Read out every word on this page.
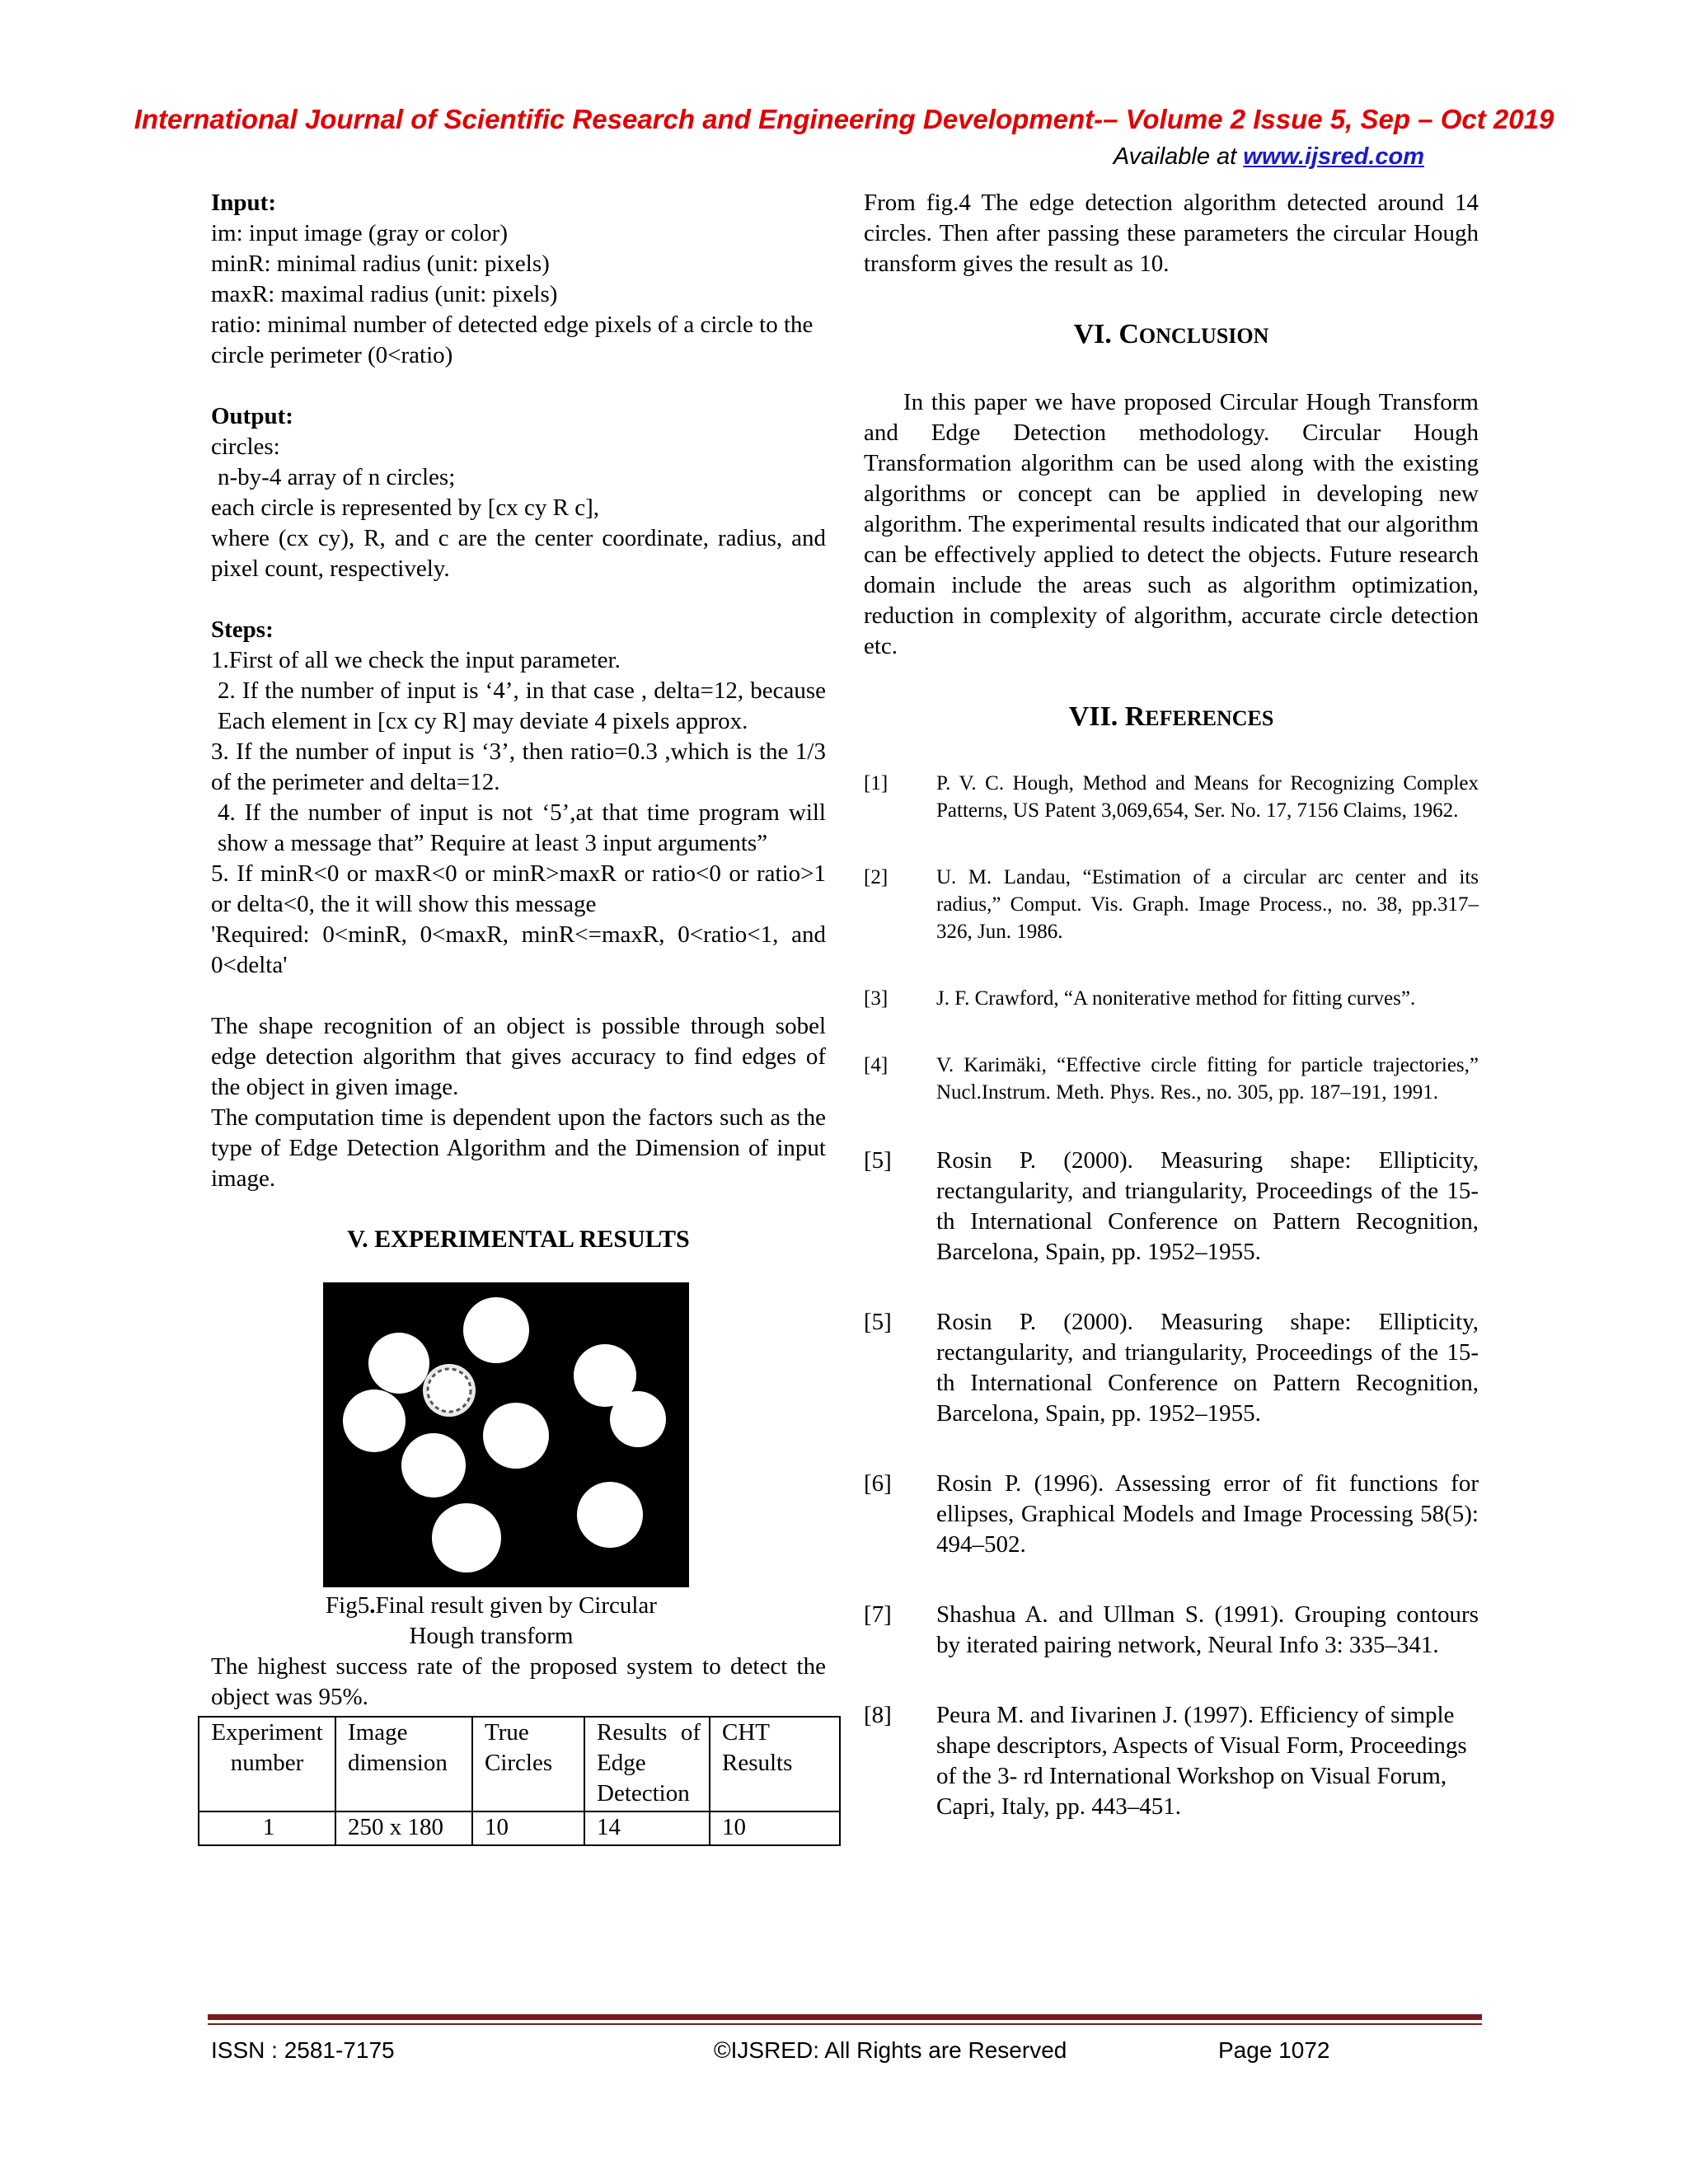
International Journal of Scientific Research and Engineering Development-– Volume 2 Issue 5, Sep – Oct 2019
Available at www.ijsred.com
Input:
im: input image (gray or color)
minR: minimal radius (unit: pixels)
maxR: maximal radius (unit: pixels)
ratio: minimal number of detected edge pixels of a circle to the circle perimeter (0<ratio)
Output:
circles:
n-by-4 array of n circles;
each circle is represented by [cx cy R c],
where (cx cy), R, and c are the center coordinate, radius, and pixel count, respectively.
Steps:
1.First of all we check the input parameter.
2. If the number of input is ‘4’, in that case , delta=12, because Each element in [cx cy R] may deviate 4 pixels approx.
3. If the number of input is ‘3’, then ratio=0.3 ,which is the 1/3 of the perimeter and delta=12.
4. If the number of input is not ‘5’,at that time program will show a message that” Require at least 3 input arguments”
5. If minR<0 or maxR<0 or minR>maxR or ratio<0 or ratio>1 or delta<0, the it will show this message
'Required: 0<minR, 0<maxR, minR<=maxR, 0<ratio<1, and 0<delta'
The shape recognition of an object is possible through sobel edge detection algorithm that gives accuracy to find edges of the object in given image.
The computation time is dependent upon the factors such as the type of Edge Detection Algorithm and the Dimension of input image.
V. EXPERIMENTAL RESULTS
Fig5.Final result given by Circular
Hough transform
The highest success rate of the proposed system to detect the object was 95%.
Experiment number	Image dimension	True Circles	Results of Edge Detection	CHT Results
1	250 x 180	10	14	10
From fig.4 The edge detection algorithm detected around 14 circles. Then after passing these parameters the circular Hough transform gives the result as 10.
VI. CONCLUSION
In this paper we have proposed Circular Hough Transform and Edge Detection methodology. Circular Hough Transformation algorithm can be used along with the existing algorithms or concept can be applied in developing new algorithm. The experimental results indicated that our algorithm can be effectively applied to detect the objects. Future research domain include the areas such as algorithm optimization, reduction in complexity of algorithm, accurate circle detection etc.
VII. REFERENCES
[1]	P. V. C. Hough, Method and Means for Recognizing Complex Patterns, US Patent 3,069,654, Ser. No. 17, 7156 Claims, 1962.
[2]	U. M. Landau, “Estimation of a circular arc center and its radius,” Comput. Vis. Graph. Image Process., no. 38, pp.317–326, Jun. 1986.
[3]	J. F. Crawford, “A noniterative method for fitting curves”.
[4]	V. Karimäki, “Effective circle fitting for particle trajectories,” Nucl.Instrum. Meth. Phys. Res., no. 305, pp. 187–191, 1991.
[5]	Rosin P. (2000). Measuring shape: Ellipticity, rectangularity, and triangularity, Proceedings of the 15-th International Conference on Pattern Recognition, Barcelona, Spain, pp. 1952–1955.
[5]	Rosin P. (2000). Measuring shape: Ellipticity, rectangularity, and triangularity, Proceedings of the 15-th International Conference on Pattern Recognition, Barcelona, Spain, pp. 1952–1955.
[6]	Rosin P. (1996). Assessing error of fit functions for ellipses, Graphical Models and Image Processing 58(5): 494–502.
[7]	Shashua A. and Ullman S. (1991). Grouping contours by iterated pairing network, Neural Info 3: 335–341.
[8]	Peura M. and Iivarinen J. (1997). Efficiency of simple shape descriptors, Aspects of Visual Form, Proceedings of the 3- rd International Workshop on Visual Forum, Capri, Italy, pp. 443–451.
ISSN : 2581-7175	©IJSRED: All Rights are Reserved	Page 1072
